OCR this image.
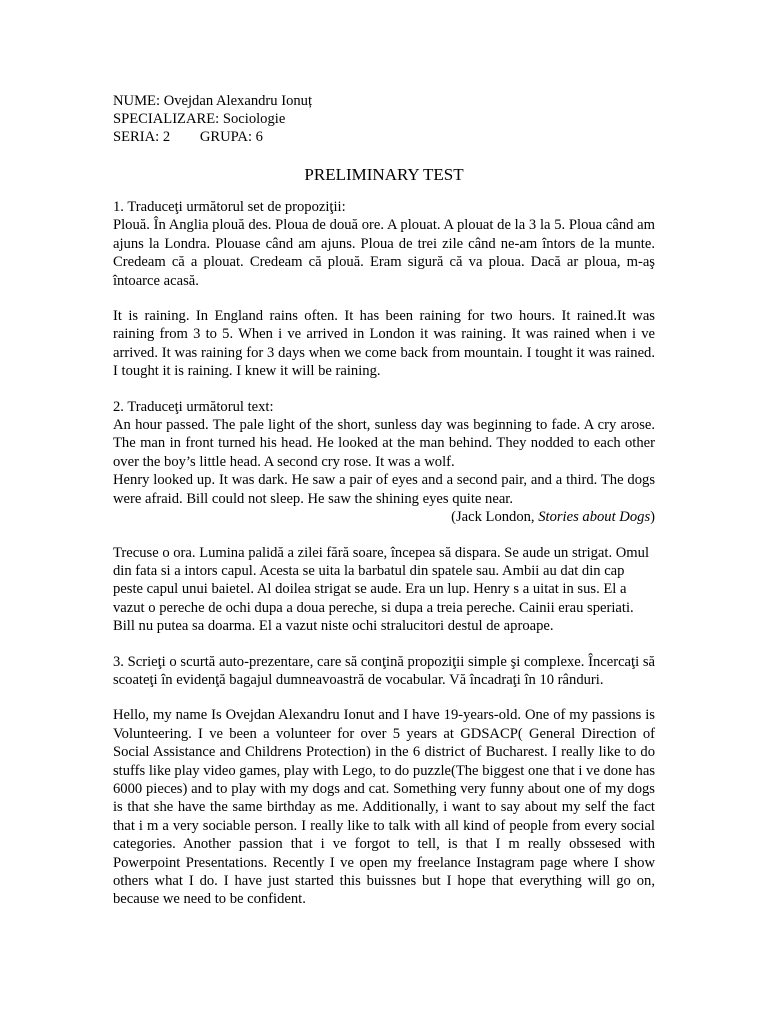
NUME: Ovejdan Alexandru Ionuț

SPECIALIZARE: Sociologie

SERIA: 2 GRUPA: 6

PRELIMINARY TEST

1. Traduceţi următorul set de propoziţii:

Plouă. În Anglia plouă des. Ploua de două ore. A plouat. A plouat de la 3 la 5. Ploua când am ajuns la Londra. Plouase când am ajuns. Ploua de trei zile când ne-am întors de la munte. Credeam că a plouat. Credeam că plouă. Eram sigură că va ploua. Dacă ar ploua, m-aş întoarce acasă.

It is raining. In England rains often. It has been raining for two hours. It rained.It was raining from 3 to 5. When i ve arrived in London it was raining. It was rained when i ve arrived. It was raining for 3 days when we come back from mountain. I tought it was rained. I tought it is raining. I knew it will be raining.

2. Traduceţi următorul text:

An hour passed. The pale light of the short, sunless day was beginning to fade. A cry arose. The man in front turned his head. He looked at the man behind. They nodded to each other over the boy’s little head. A second cry rose. It was a wolf.

Henry looked up. It was dark. He saw a pair of eyes and a second pair, and a third. The dogs were afraid. Bill could not sleep. He saw the shining eyes quite near.

(Jack London, Stories about Dogs)

Trecuse o ora. Lumina palidă a zilei fără soare, începea să dispara. Se aude un strigat. Omul din fata si a intors capul. Acesta se uita la barbatul din spatele sau. Ambii au dat din cap peste capul unui baietel. Al doilea strigat se aude. Era un lup. Henry s a uitat in sus. El a vazut o pereche de ochi dupa a doua pereche, si dupa a treia pereche. Cainii erau speriati. Bill nu putea sa doarma. El a vazut niste ochi stralucitori destul de aproape.

3. Scrieţi o scurtă auto-prezentare, care să conţină propoziţii simple şi complexe. Încercaţi să scoateţi în evidenţă bagajul dumneavoastră de vocabular. Vă încadraţi în 10 rânduri.

Hello, my name Is Ovejdan Alexandru Ionut and I have 19-years-old. One of my passions is Volunteering. I ve been a volunteer for over 5 years at GDSACP( General Direction of Social Assistance and Childrens Protection) in the 6 district of Bucharest. I really like to do stuffs like play video games, play with Lego, to do puzzle(The biggest one that i ve done has 6000 pieces) and to play with my dogs and cat. Something very funny about one of my dogs is that she have the same birthday as me. Additionally, i want to say about my self the fact that i m a very sociable person. I really like to talk with all kind of people from every social categories. Another passion that i ve forgot to tell, is that I m really obssesed with Powerpoint Presentations. Recently I ve open my freelance Instagram page where I show others what I do. I have just started this buissnes but I hope that everything will go on, because we need to be confident.
